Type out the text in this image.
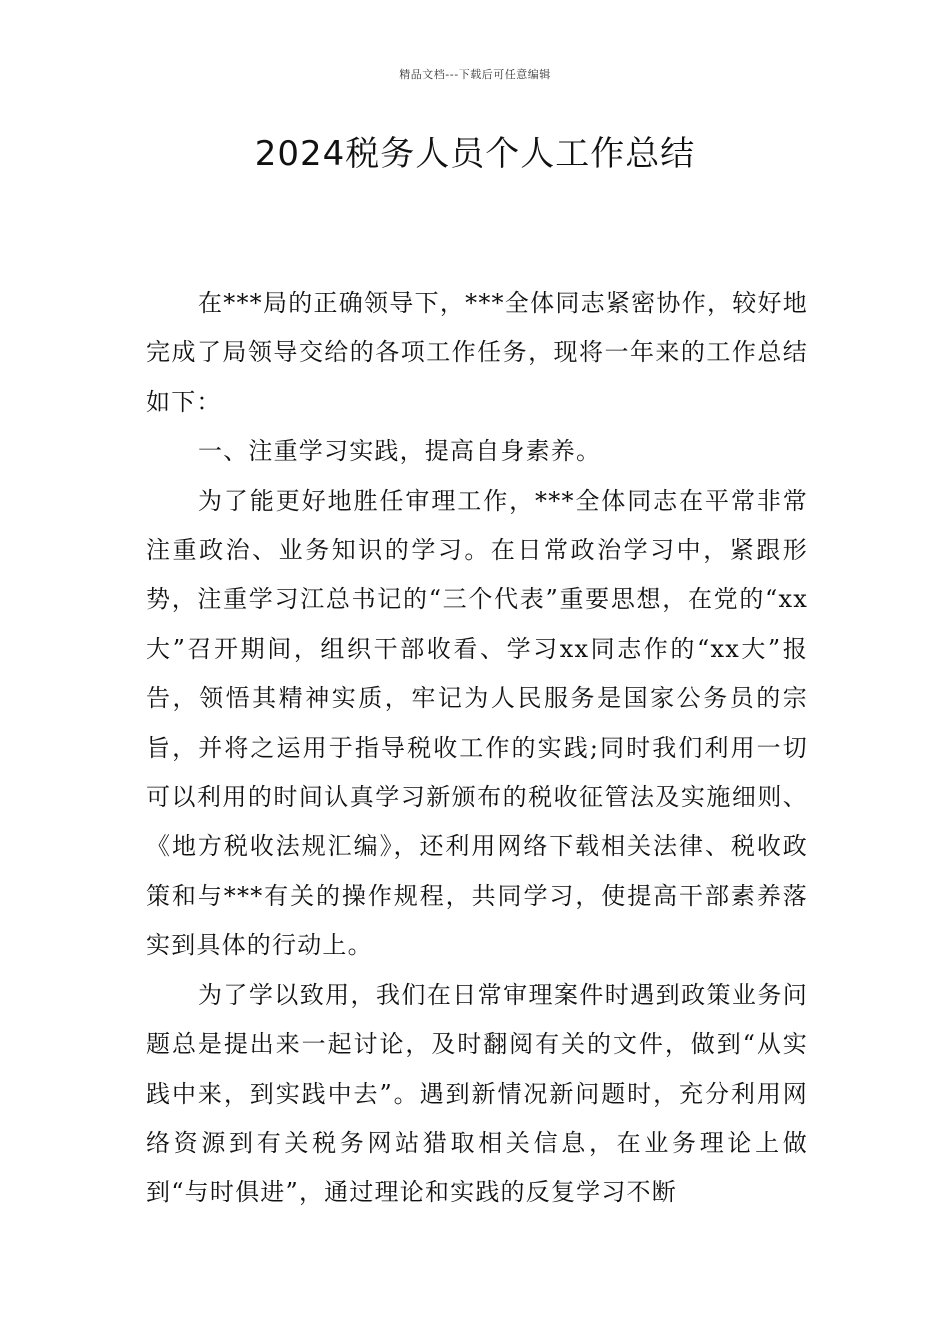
精品文档---下载后可任意编辑
2024税务人员个人工作总结

在***局的正确领导下，***全体同志紧密协作，较好地完成了局领导交给的各项工作任务，现将一年来的工作总结如下：

一、注重学习实践，提高自身素养。

为了能更好地胜任审理工作，***全体同志在平常非常注重政治、业务知识的学习。在日常政治学习中，紧跟形势，注重学习江总书记的“三个代表”重要思想，在党的“xx大”召开期间，组织干部收看、学习xx同志作的“xx大”报告，领悟其精神实质，牢记为人民服务是国家公务员的宗旨，并将之运用于指导税收工作的实践;同时我们利用一切可以利用的时间认真学习新颁布的税收征管法及实施细则、《地方税收法规汇编》，还利用网络下载相关法律、税收政策和与***有关的操作规程，共同学习，使提高干部素养落实到具体的行动上。

为了学以致用，我们在日常审理案件时遇到政策业务问题总是提出来一起讨论，及时翻阅有关的文件，做到“从实践中来，到实践中去”。遇到新情况新问题时，充分利用网络资源到有关税务网站猎取相关信息，在业务理论上做到“与时俱进”，通过理论和实践的反复学习不断
